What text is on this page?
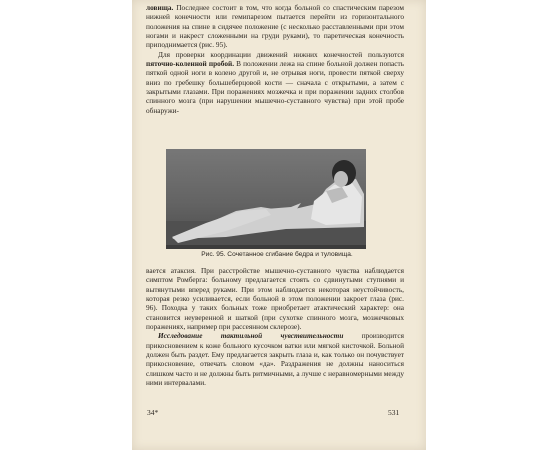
ловища. Последнее состоит в том, что когда больной со спастическим парезом нижней конечности или гемипарезом пытается перейти из горизонтального положения на спине в сидячее положение (с несколько расставленными при этом ногами и накрест сложенными на груди руками), то паретическая конечность приподнимается (рис. 95).

Для проверки координации движений нижних конечностей пользуются пяточно-коленной пробой. В положении лежа на спине больной должен попасть пяткой одной ноги в колено другой и, не отрывая ноги, провести пяткой сверху вниз по гребешку большеберцовой кости — сначала с открытыми, а затем с закрытыми глазами. При поражениях мозжечка и при поражении задних столбов спинного мозга (при нарушении мышечно-суставного чувства) при этой пробе обнаружи-

Рис. 95. Сочетанное сгибание бедра и туловища.

вается атаксия. При расстройстве мышечно-суставного чувства наблюдается симптом Ромберга: больному предлагается стоять со сдвинутыми ступнями и вытянутыми вперед руками. При этом наблюдается некоторая неустойчивость, которая резко усиливается, если больной в этом положении закроет глаза (рис. 96). Походка у таких больных тоже приобретает атактический характер: она становится неуверенной и шаткой (при сухотке спинного мозга, мозжечковых поражениях, например при рассеянном склерозе).

Исследование тактильной чувствительности производится прикосновением к коже больного кусочком ватки или мягкой кисточкой. Больной должен быть раздет. Ему предлагается закрыть глаза и, как только он почувствует прикосновение, отвечать словом «да». Раздражения не должны наноситься слишком часто и не должны быть ритмичными, а лучше с неравномерными между ними интервалами.

34*	531
